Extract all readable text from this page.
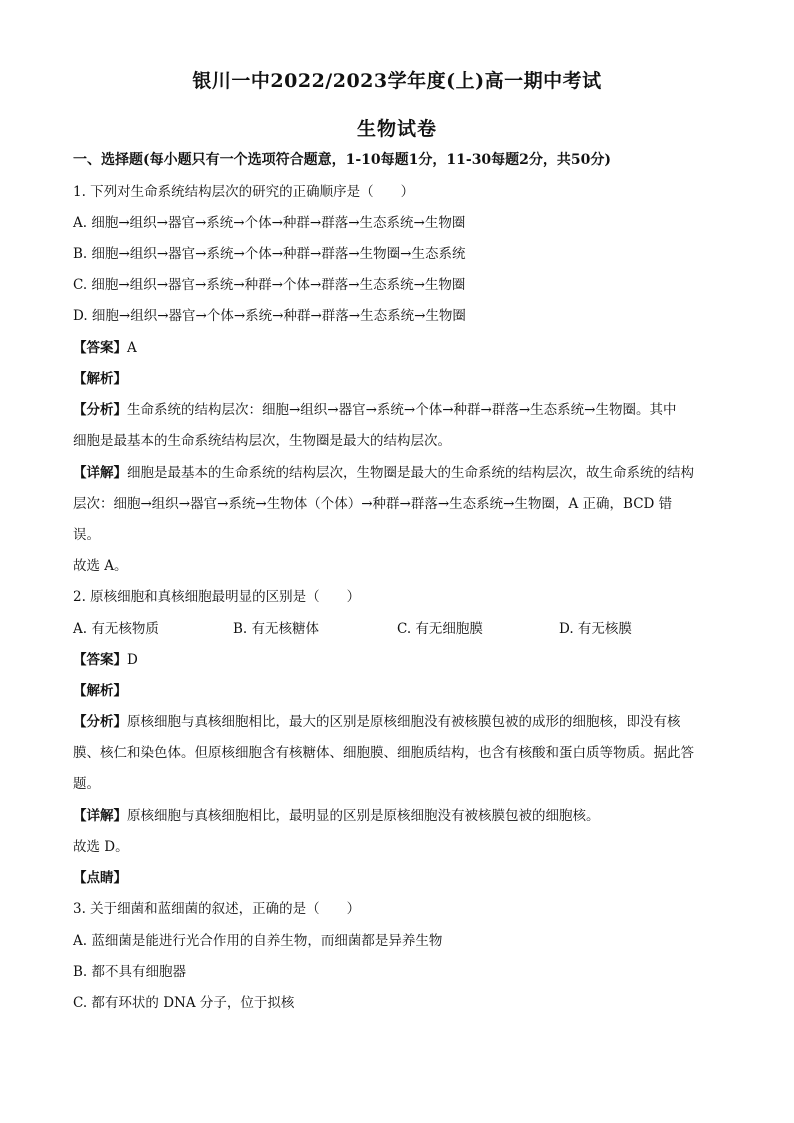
银川一中2022/2023学年度(上)高一期中考试
生物试卷
一、选择题(每小题只有一个选项符合题意，1-10每题1分，11-30每题2分，共50分)
1. 下列对生命系统结构层次的研究的正确顺序是（　　）
A. 细胞→组织→器官→系统→个体→种群→群落→生态系统→生物圈
B. 细胞→组织→器官→系统→个体→种群→群落→生物圈→生态系统
C. 细胞→组织→器官→系统→种群→个体→群落→生态系统→生物圈
D. 细胞→组织→器官→个体→系统→种群→群落→生态系统→生物圈
【答案】A
【解析】
【分析】生命系统的结构层次：细胞→组织→器官→系统→个体→种群→群落→生态系统→生物圈。其中
细胞是最基本的生命系统结构层次，生物圈是最大的结构层次。
【详解】细胞是最基本的生命系统的结构层次，生物圈是最大的生命系统的结构层次，故生命系统的结构
层次：细胞→组织→器官→系统→生物体（个体）→种群→群落→生态系统→生物圈，A 正确，BCD 错
误。
故选 A。
2. 原核细胞和真核细胞最明显的区别是（　　）
A. 有无核物质	B. 有无核糖体	C. 有无细胞膜	D. 有无核膜
【答案】D
【解析】
【分析】原核细胞与真核细胞相比，最大的区别是原核细胞没有被核膜包被的成形的细胞核，即没有核
膜、核仁和染色体。但原核细胞含有核糖体、细胞膜、细胞质结构，也含有核酸和蛋白质等物质。据此答
题。
【详解】原核细胞与真核细胞相比，最明显的区别是原核细胞没有被核膜包被的细胞核。
故选 D。
【点睛】
3. 关于细菌和蓝细菌的叙述，正确的是（　　）
A. 蓝细菌是能进行光合作用的自养生物，而细菌都是异养生物
B. 都不具有细胞器
C. 都有环状的 DNA 分子，位于拟核
